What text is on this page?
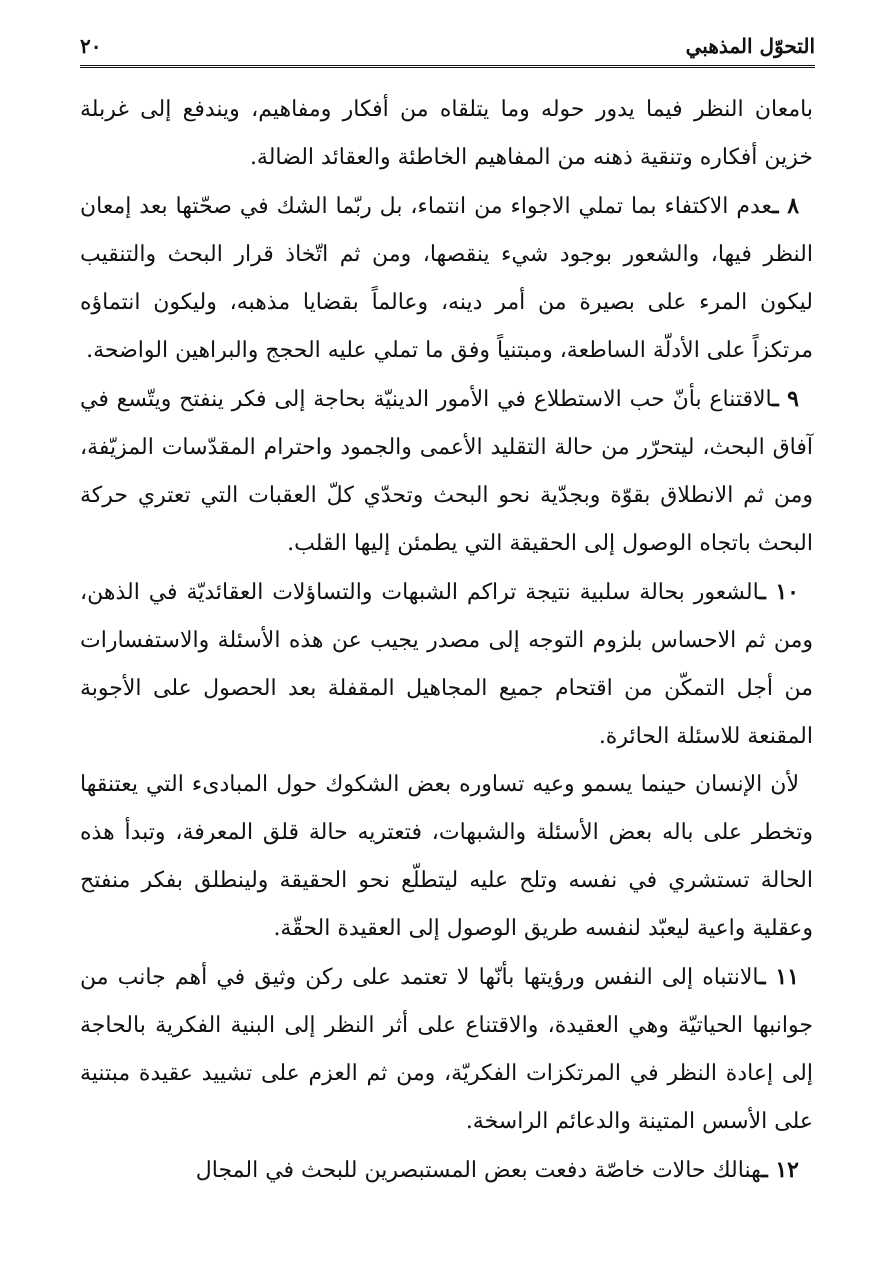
التحوّل المذهبي
٢٠

بامعان النظر فيما يدور حوله وما يتلقاه من أفكار ومفاهيم، ويندفع إلى غربلة خزين أفكاره وتنقية ذهنه من المفاهيم الخاطئة والعقائد الضالة.

٨ ـعدم الاكتفاء بما تملي الاجواء من انتماء، بل ربّما الشك في صحّتها بعد إمعان النظر فيها، والشعور بوجود شيء ينقصها، ومن ثم اتّخاذ قرار البحث والتنقيب ليكون المرء على بصيرة من أمر دينه، وعالماً بقضايا مذهبه، وليكون انتماؤه مرتكزاً على الأدلّة الساطعة، ومبتنياً وفق ما تملي عليه الحجج والبراهين الواضحة.

٩ ـالاقتناع بأنّ حب الاستطلاع في الأمور الدينيّة بحاجة إلى فكر ينفتح ويتّسع في آفاق البحث، ليتحرّر من حالة التقليد الأعمى والجمود واحترام المقدّسات المزيّفة، ومن ثم الانطلاق بقوّة وبجدّية نحو البحث وتحدّي كلّ العقبات التي تعتري حركة البحث باتجاه الوصول إلى الحقيقة التي يطمئن إليها القلب.

١٠ ـالشعور بحالة سلبية نتيجة تراكم الشبهات والتساؤلات العقائديّة في الذهن، ومن ثم الاحساس بلزوم التوجه إلى مصدر يجيب عن هذه الأسئلة والاستفسارات من أجل التمكّن من اقتحام جميع المجاهيل المقفلة بعد الحصول على الأجوبة المقنعة للاسئلة الحائرة.

لأن الإنسان حينما يسمو وعيه تساوره بعض الشكوك حول المبادىء التي يعتنقها وتخطر على باله بعض الأسئلة والشبهات، فتعتريه حالة قلق المعرفة، وتبدأ هذه الحالة تستشري في نفسه وتلح عليه ليتطلّع نحو الحقيقة ولينطلق بفكر منفتح وعقلية واعية ليعبّد لنفسه طريق الوصول إلى العقيدة الحقّة.

١١ ـالانتباه إلى النفس ورؤيتها بأنّها لا تعتمد على ركن وثيق في أهم جانب من جوانبها الحياتيّة وهي العقيدة، والاقتناع على أثر النظر إلى البنية الفكرية بالحاجة إلى إعادة النظر في المرتكزات الفكريّة، ومن ثم العزم على تشييد عقيدة مبتنية على الأسس المتينة والدعائم الراسخة.

١٢ ـهنالك حالات خاصّة دفعت بعض المستبصرين للبحث في المجال
